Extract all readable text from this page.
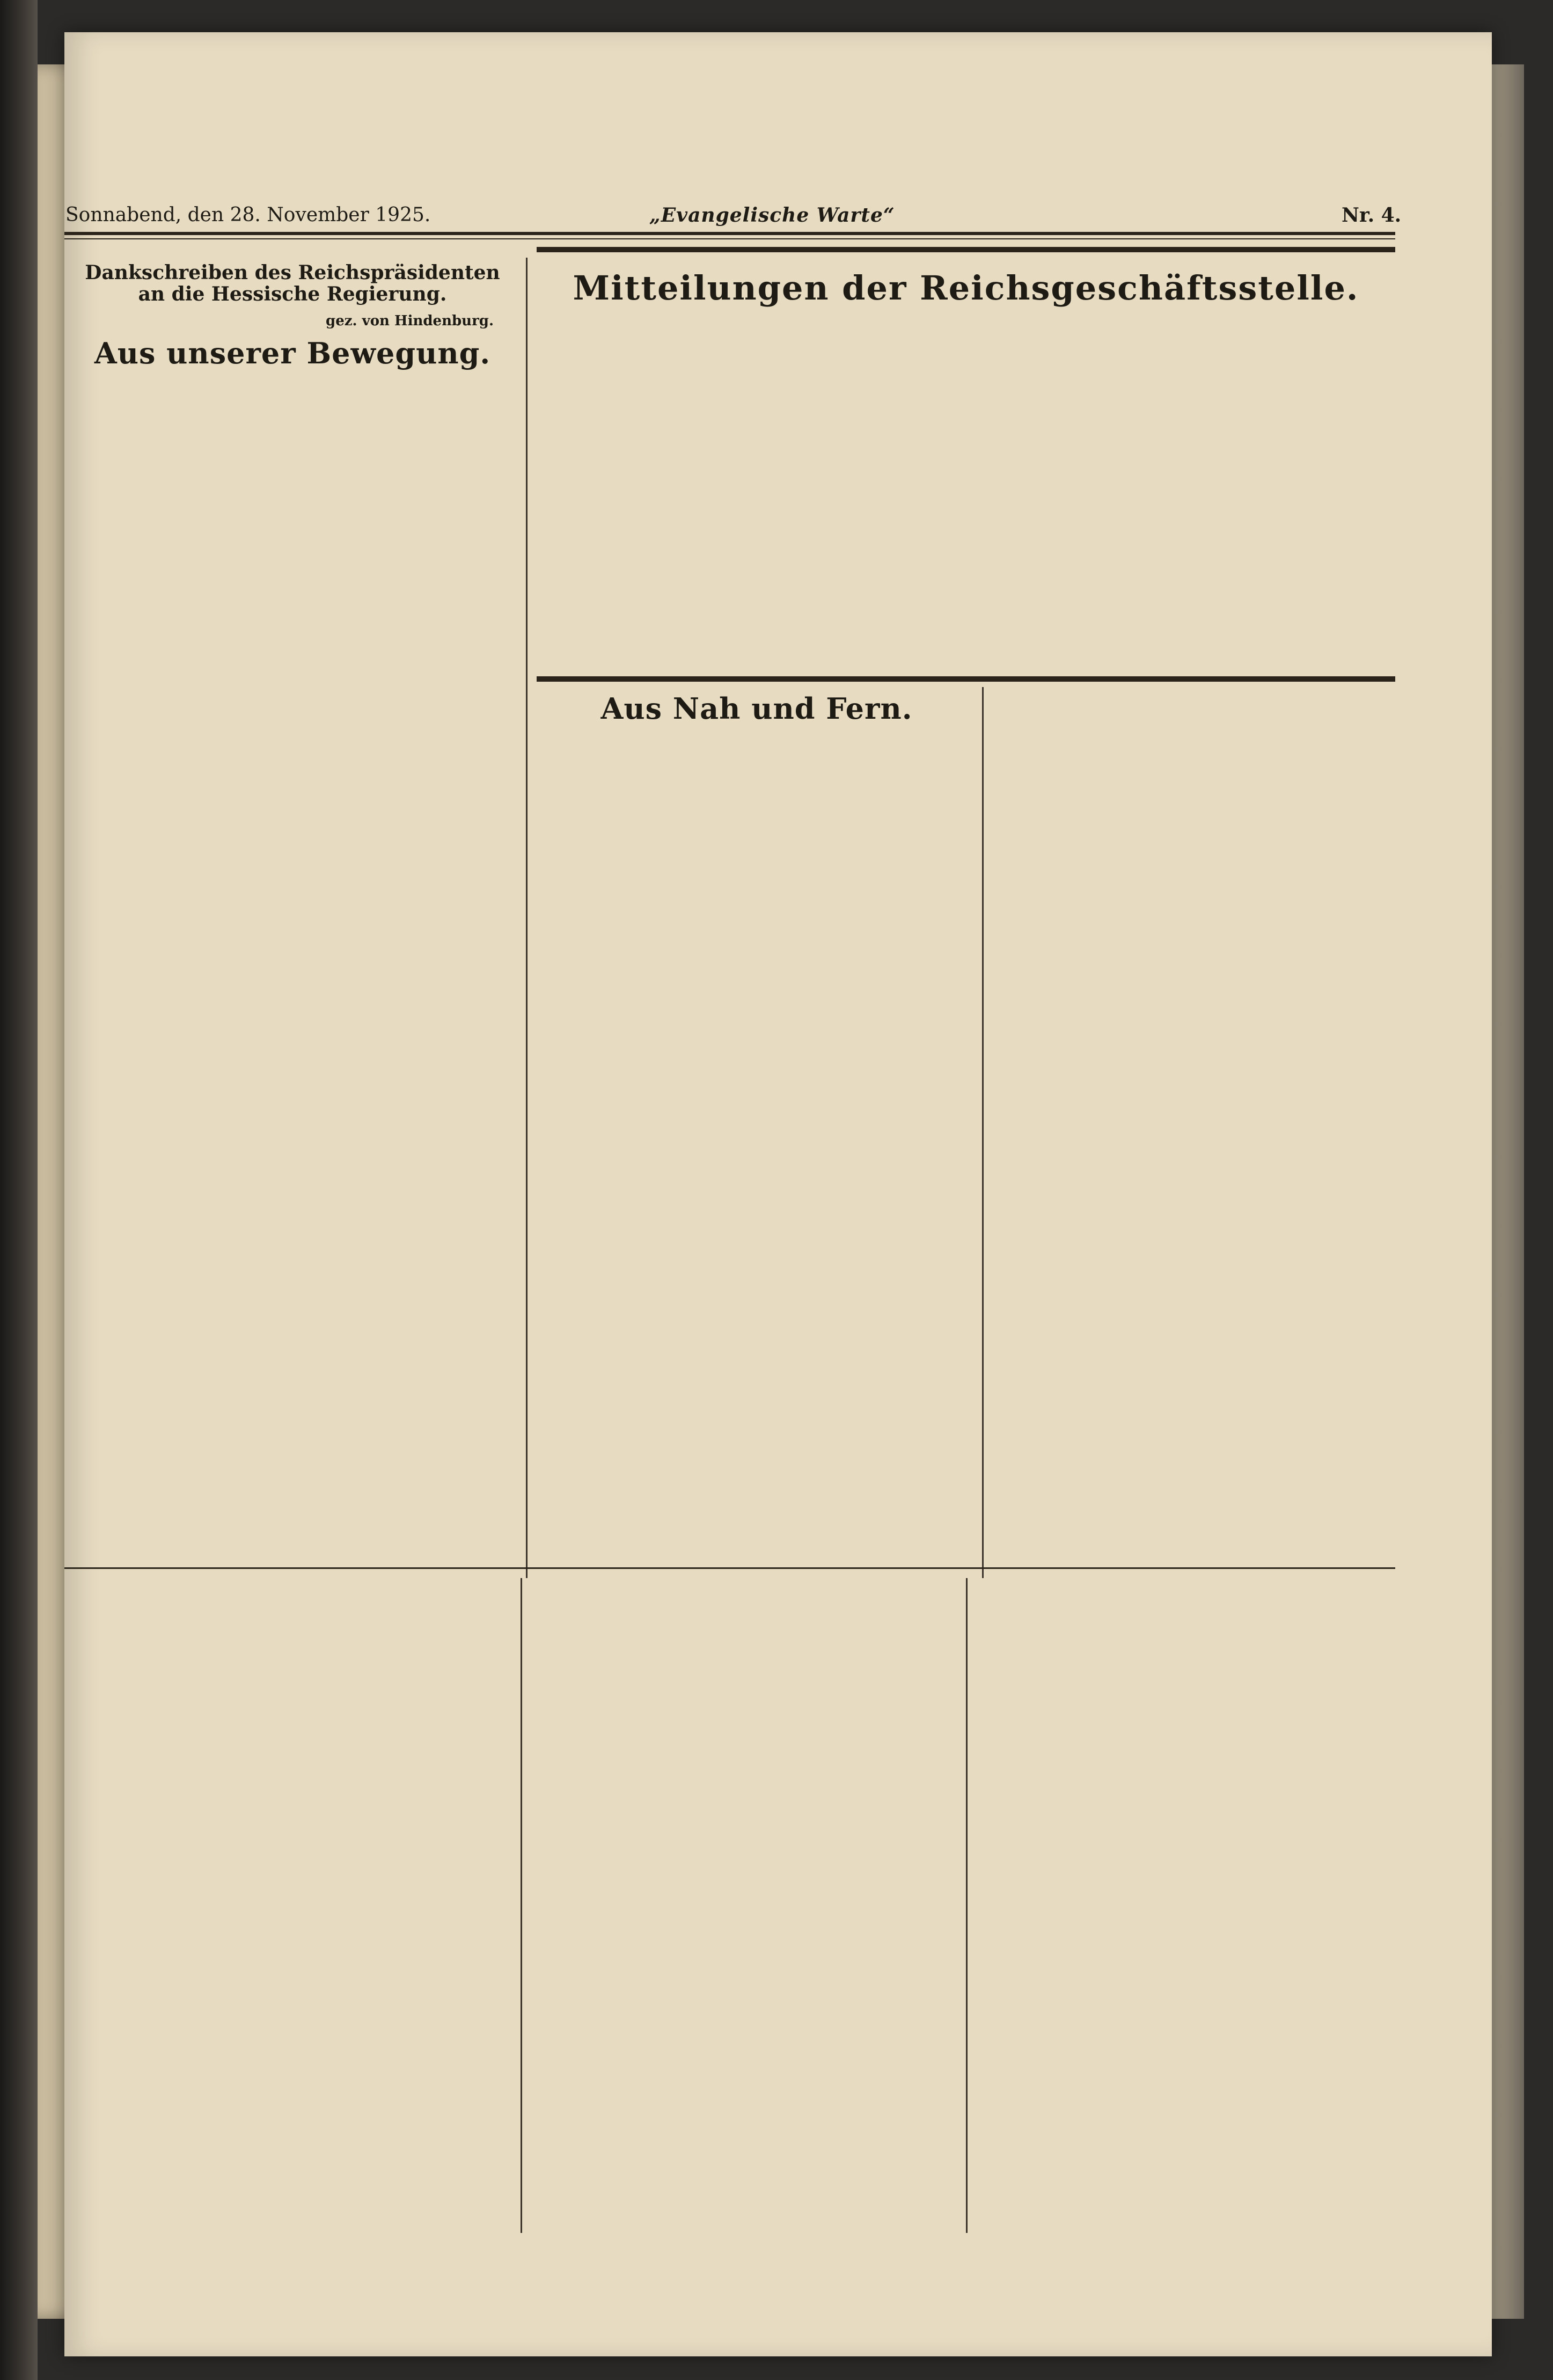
Sonnabend, den 28. November 1925.	„Evangelische Warte“	Nr. 4.
Dankschreiben des Reichspräsidenten an die Hessische Regierung.
gez. von Hindenburg.
Aus unserer Bewegung.
Mitteilungen der Reichsgeschäftsstelle.
Aus Nah und Fern.
